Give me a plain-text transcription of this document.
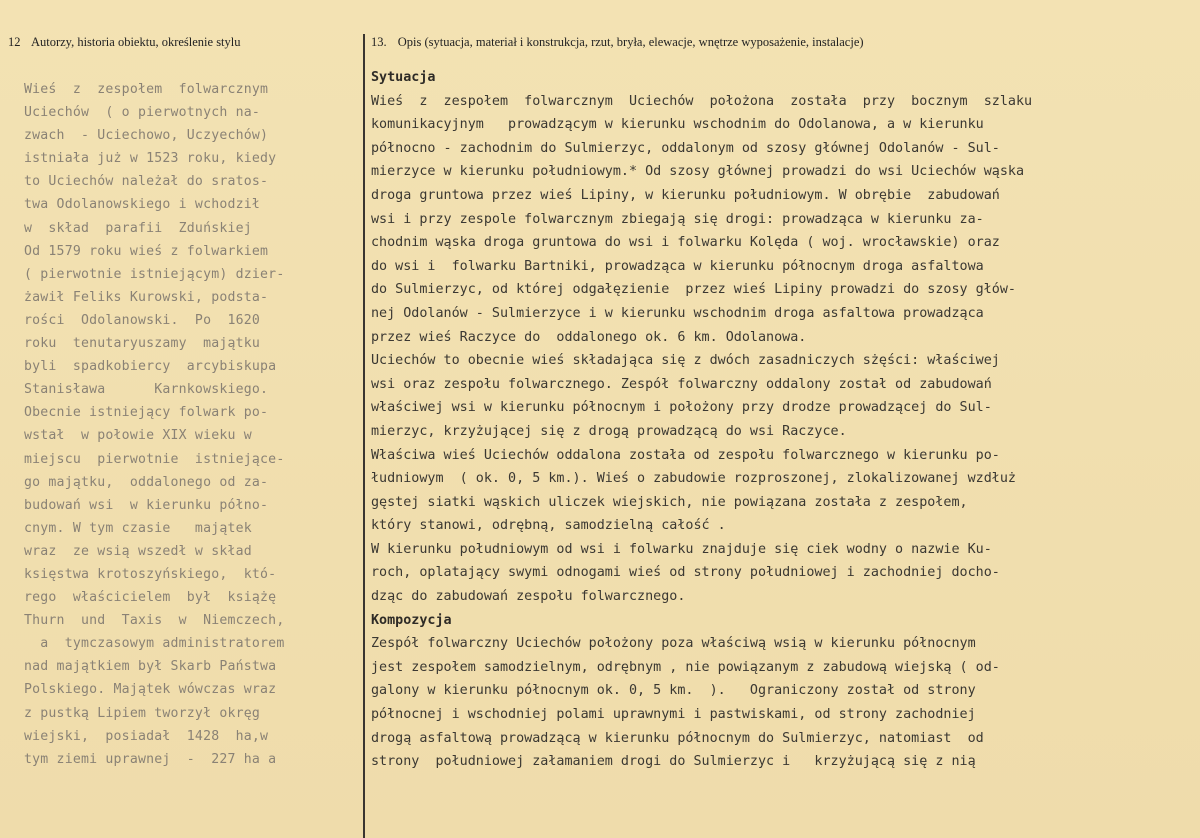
12 Autorzy, historia obiektu, określenie stylu	13. Opis (sytuacja, materiał i konstrukcja, rzut, bryła, elewacje, wnętrze wyposażenie, instalacje)
Wieś  z  zespołem  folwarcznym
Uciechów  ( o pierwotnych na-
zwach  - Uciechowo, Uczyechów)
istniała już w 1523 roku, kiedy
to Uciechów należał do sratos-
twa Odolanowskiego i wchodził
w  skład  parafii  Zduńskiej
Od 1579 roku wieś z folwarkiem
( pierwotnie istniejącym) dzier-
żawił Feliks Kurowski, podsta-
rości  Odolanowski.  Po  1620
roku  tenutaryuszamy  majątku
byli  spadkobiercy  arcybiskupa
Stanisława      Karnkowskiego.
Obecnie istniejący folwark po-
wstał  w połowie XIX wieku w
miejscu  pierwotnie  istniejące-
go majątku,  oddalonego od za-
budowań wsi  w kierunku półno-
cnym. W tym czasie   majątek
wraz  ze wsią wszedł w skład
księstwa krotoszyńskiego,  któ-
rego  właścicielem  był  książę
Thurn  und  Taxis  w  Niemczech,
a  tymczasowym administratorem
nad majątkiem był Skarb Państwa
Polskiego. Majątek wówczas wraz
z pustką Lipiem tworzył okręg
wiejski,  posiadał  1428  ha,w
tym ziemi uprawnej  -  227 ha a
Sytuacja
Wieś  z  zespołem  folwarcznym  Uciechów  położona  została  przy  bocznym  szlaku
komunikacyjnym   prowadzącym w kierunku wschodnim do Odolanowa, a w kierunku
północno - zachodnim do Sulmierzyc, oddalonym od szosy głównej Odolanów - Sul-
mierzyce w kierunku południowym.* Od szosy głównej prowadzi do wsi Uciechów wąska
droga gruntowa przez wieś Lipiny, w kierunku południowym. W obrębie  zabudowań
wsi i przy zespole folwarcznym zbiegają się drogi: prowadząca w kierunku za-
chodnim wąska droga gruntowa do wsi i folwarku Kolęda ( woj. wrocławskie) oraz
do wsi i  folwarku Bartniki, prowadząca w kierunku północnym droga asfaltowa
do Sulmierzyc, od której odgałęzienie  przez wieś Lipiny prowadzi do szosy głów-
nej Odolanów - Sulmierzyce i w kierunku wschodnim droga asfaltowa prowadząca
przez wieś Raczyce do  oddalonego ok. 6 km. Odolanowa.
Uciechów to obecnie wieś składająca się z dwóch zasadniczych sżęści: właściwej
wsi oraz zespołu folwarcznego. Zespół folwarczny oddalony został od zabudowań
właściwej wsi w kierunku północnym i położony przy drodze prowadzącej do Sul-
mierzyc, krzyżującej się z drogą prowadzącą do wsi Raczyce.
Właściwa wieś Uciechów oddalona została od zespołu folwarcznego w kierunku po-
łudniowym  ( ok. 0, 5 km.). Wieś o zabudowie rozproszonej, zlokalizowanej wzdłuż
gęstej siatki wąskich uliczek wiejskich, nie powiązana została z zespołem,
który stanowi, odrębną, samodzielną całość .
W kierunku południowym od wsi i folwarku znajduje się ciek wodny o nazwie Ku-
roch, oplatający swymi odnogami wieś od strony południowej i zachodniej docho-
dząc do zabudowań zespołu folwarcznego.
Kompozycja
Zespół folwarczny Uciechów położony poza właściwą wsią w kierunku północnym
jest zespołem samodzielnym, odrębnym , nie powiązanym z zabudową wiejską ( od-
galony w kierunku północnym ok. 0, 5 km.  ).   Ograniczony został od strony
północnej i wschodniej polami uprawnymi i pastwiskami, od strony zachodniej
drogą asfaltową prowadzącą w kierunku północnym do Sulmierzyc, natomiast  od
strony  południowej załamaniem drogi do Sulmierzyc i   krzyżującą się z nią
